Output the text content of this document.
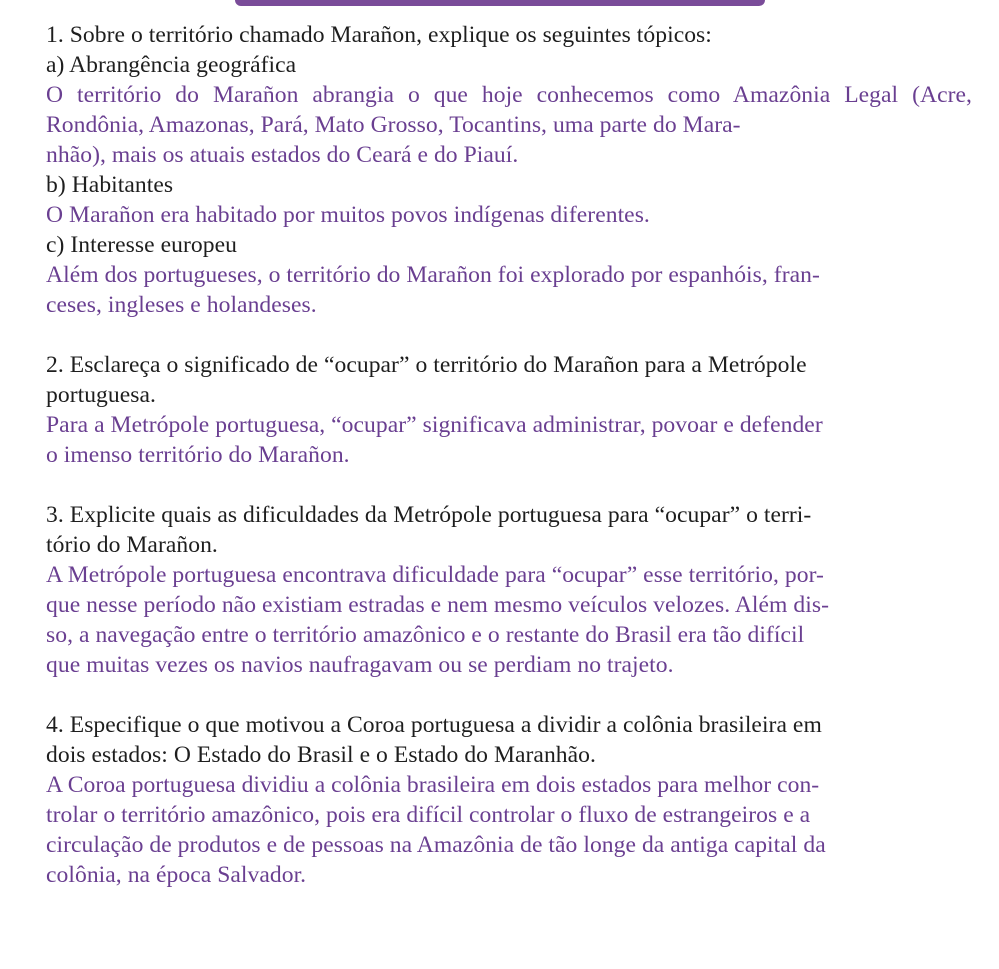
1. Sobre o território chamado Marañon, explique os seguintes tópicos:

a) Abrangência geográfica

O território do Marañon abrangia o que hoje conhecemos como Amazônia Legal (Acre, Rondônia, Amazonas, Pará, Mato Grosso, Tocantins, uma parte do Mara-
nhão), mais os atuais estados do Ceará e do Piauí.

b) Habitantes

O Marañon era habitado por muitos povos indígenas diferentes.

c) Interesse europeu

Além dos portugueses, o território do Marañon foi explorado por espanhóis, fran-
ceses, ingleses e holandeses.

2. Esclareça o significado de “ocupar” o território do Marañon para a Metrópole
portuguesa.

Para a Metrópole portuguesa, “ocupar” significava administrar, povoar e defender
o imenso território do Marañon.

3. Explicite quais as dificuldades da Metrópole portuguesa para “ocupar” o terri-
tório do Marañon.

A Metrópole portuguesa encontrava dificuldade para “ocupar” esse território, por-
que nesse período não existiam estradas e nem mesmo veículos velozes. Além dis-
so, a navegação entre o território amazônico e o restante do Brasil era tão difícil
que muitas vezes os navios naufragavam ou se perdiam no trajeto.

4. Especifique o que motivou a Coroa portuguesa a dividir a colônia brasileira em
dois estados: O Estado do Brasil e o Estado do Maranhão.

A Coroa portuguesa dividiu a colônia brasileira em dois estados para melhor con-
trolar o território amazônico, pois era difícil controlar o fluxo de estrangeiros e a
circulação de produtos e de pessoas na Amazônia de tão longe da antiga capital da
colônia, na época Salvador.
